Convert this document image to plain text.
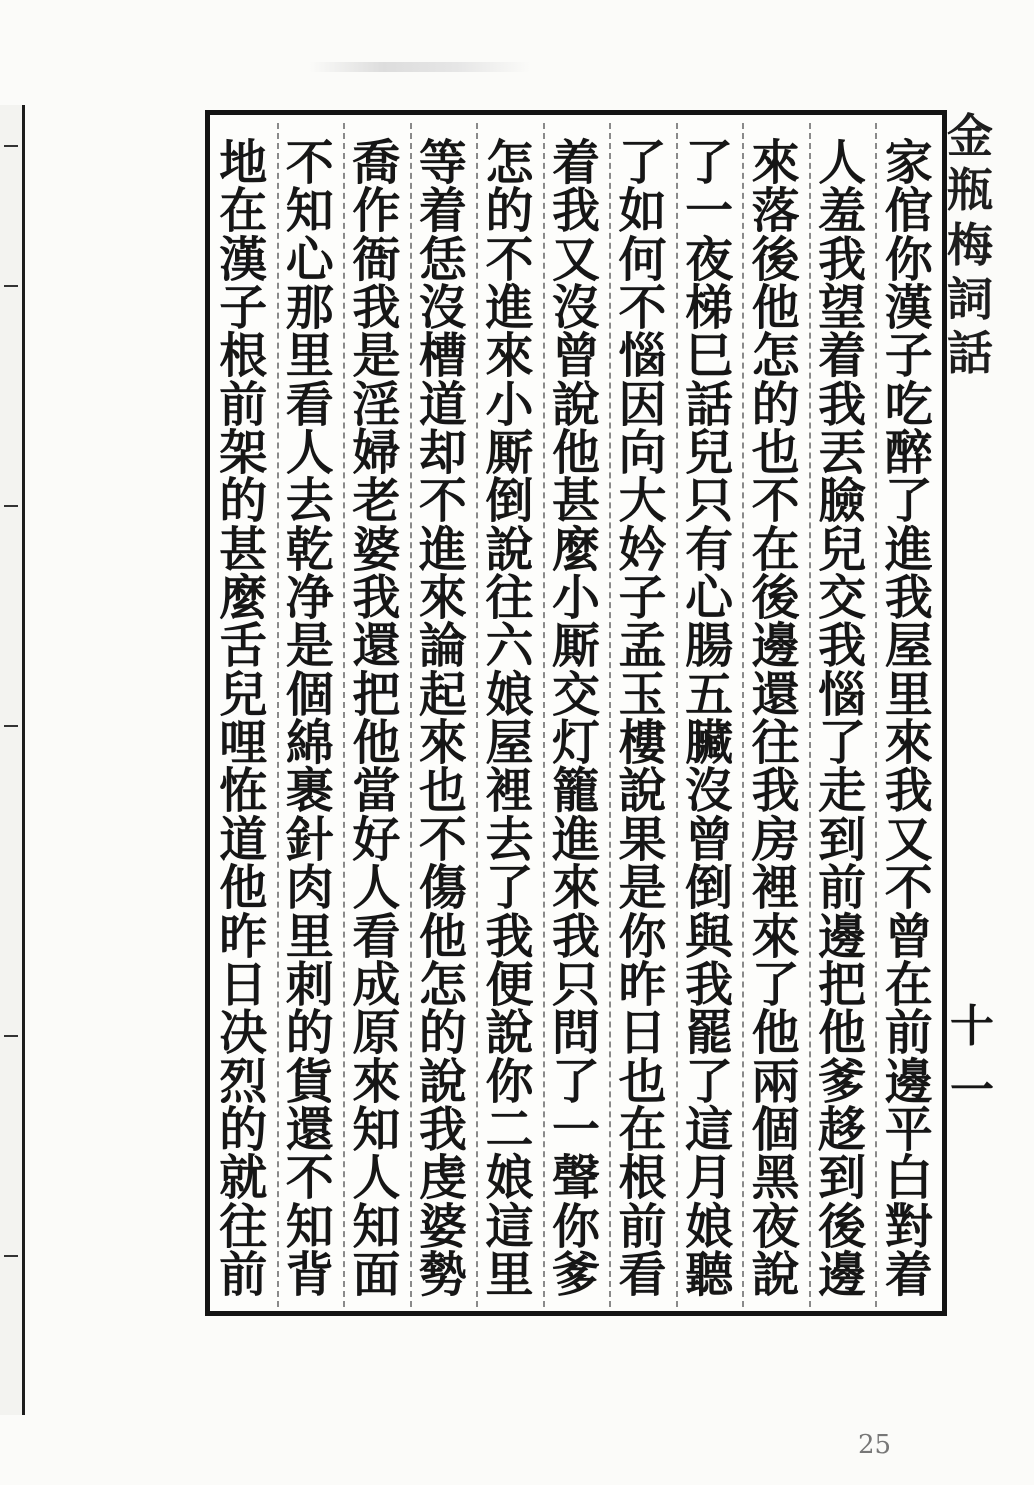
金
瓶
梅
詞
話
十一
家
倌
你
漢
子
吃
醉
了
進
我
屋
里
來
我
又
不
曾
在
前
邊
平
白
對
着
人
羞
我
望
着
我
丟
臉
兒
交
我
惱
了
走
到
前
邊
把
他
爹
趍
到
後
邊
來
落
後
他
怎
的
也
不
在
後
邊
還
往
我
房
裡
來
了
他
兩
個
黑
夜
說
了
一
夜
梯
巳
話
兒
只
有
心
腸
五
臟
沒
曾
倒
與
我
罷
了
這
月
娘
聽
了
如
何
不
惱
因
向
大
妗
子
孟
玉
樓
說
果
是
你
昨
日
也
在
根
前
看
着
我
又
沒
曾
說
他
甚
麼
小
厮
交
灯
籠
進
來
我
只
問
了
一
聲
你
爹
怎
的
不
進
來
小
厮
倒
說
往
六
娘
屋
裡
去
了
我
便
說
你
二
娘
這
里
等
着
恁
沒
槽
道
却
不
進
來
論
起
來
也
不
傷
他
怎
的
說
我
虔
婆
勢
喬
作
衙
我
是
淫
婦
老
婆
我
還
把
他
當
好
人
看
成
原
來
知
人
知
面
不
知
心
那
里
看
人
去
乾
净
是
個
綿
裹
針
肉
里
刺
的
貨
還
不
知
背
地
在
漢
子
根
前
架
的
甚
麼
舌
兒
哩
恠
道
他
昨
日
决
烈
的
就
往
前
25
